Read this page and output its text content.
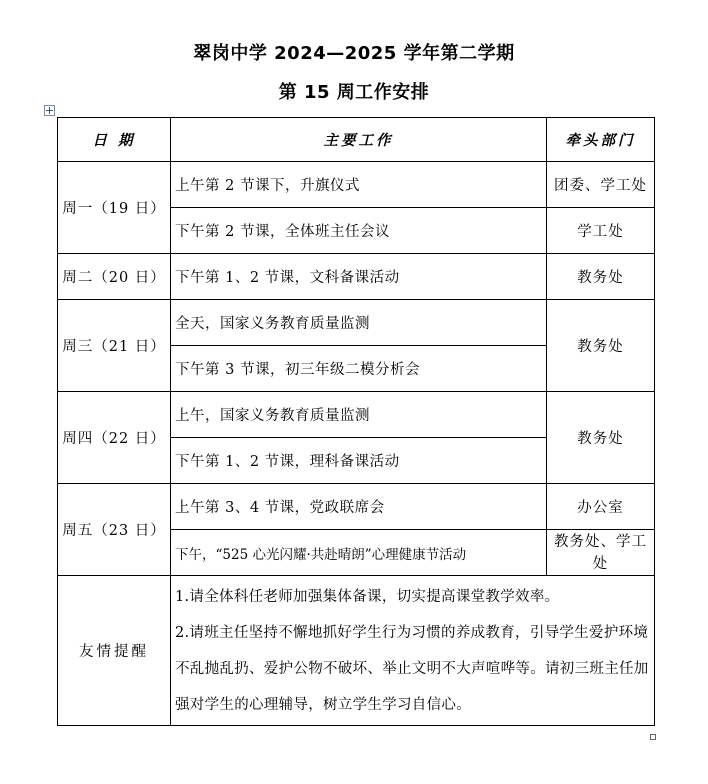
翠岗中学 2024—2025 学年第二学期
第 15 周工作安排
日 期	主要工作	牵头部门
周一（19 日）	上午第 2 节课下，升旗仪式	团委、学工处
	下午第 2 节课，全体班主任会议	学工处
周二（20 日）	下午第 1、2 节课，文科备课活动	教务处
周三（21 日）	全天，国家义务教育质量监测	教务处
	下午第 3 节课，初三年级二模分析会	
周四（22 日）	上午，国家义务教育质量监测	教务处
	下午第 1、2 节课，理科备课活动	
周五（23 日）	上午第 3、4 节课，党政联席会	办公室
	下午，“525 心光闪耀·共赴晴朗”心理健康节活动	教务处、学工处
友情提醒	1.请全体科任老师加强集体备课，切实提高课堂教学效率。

2.请班主任坚持不懈地抓好学生行为习惯的养成教育，引导学生爱护环境不乱抛乱扔、爱护公物不破坏、举止文明不大声喧哗等。请初三班主任加强对学生的心理辅导，树立学生学习自信心。	
